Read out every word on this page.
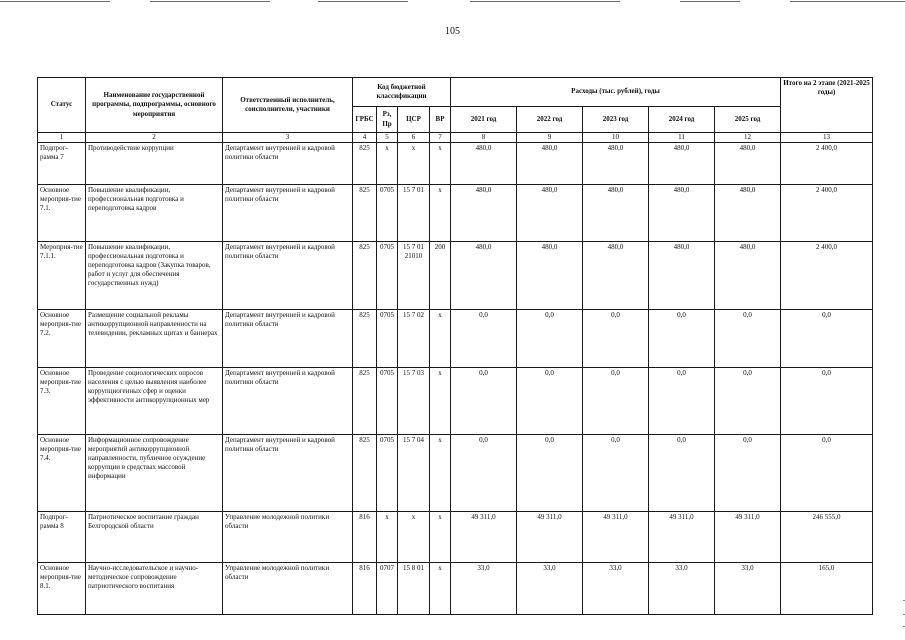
105
Статус	Наименование государственной программы, подпрограммы, основного мероприятия	Ответственный исполнитель, соисполнители, участники	Код бюджетной классификации				Расходы (тыс. рублей), годы					Итого на 2 этапе (2021-2025 годы)
			ГРБС	Рз, Пр	ЦСР	ВР	2021 год	2022 год	2023 год	2024 год	2025 год	
1	2	3	4	5	6	7	8	9	10	11	12	13
Подпрог-рамма 7	Противодействие коррупции	Департамент внутренней и кадровой политики области	825	х	х	х	480,0	480,0	480,0	480,0	480,0	2 400,0
Основное мероприя-тие 7.1.	Повышение квалификации, профессиональная подготовка и переподготовка кадров	Департамент внутренней и кадровой политики области	825	0705	15 7 01	х	480,0	480,0	480,0	480,0	480,0	2 400,0
Мероприя-тие 7.1.1.	Повышение квалификации, профессиональная подготовка и переподготовка кадров (Закупка товаров, работ и услуг для обеспечения государственных нужд)	Департамент внутренней и кадровой политики области	825	0705	15 7 01 21010	200	480,0	480,0	480,0	480,0	480,0	2 400,0
Основное мероприя-тие 7.2.	Размещение социальной рекламы антикоррупционной направленности на телевидении, рекламных щитах и баннерах	Департамент внутренней и кадровой политики области	825	0705	15 7 02	х	0,0	0,0	0,0	0,0	0,0	0,0
Основное мероприя-тие 7.3.	Проведение социологических опросов населения с целью выявления наиболее коррупциогенных сфер и оценки эффективности антикоррупционных мер	Департамент внутренней и кадровой политики области	825	0705	15 7 03	х	0,0	0,0	0,0	0,0	0,0	0,0
Основное мероприя-тие 7.4.	Информационное сопровождение мероприятий антикоррупционной направленности, публичное осуждение коррупции в средствах массовой информации	Департамент внутренней и кадровой политики области	825	0705	15 7 04	х	0,0	0,0	0,0	0,0	0,0	0,0
Подпрог-рамма 8	Патриотическое воспитание граждан Белгородской области	Управление молодежной политики области	816	х	х	х	49 311,0	49 311,0	49 311,0	49 311,0	49 311,0	246 555,0
Основное мероприя-тие 8.1.	Научно-исследовательское и научно-методическое сопровождение патриотического воспитания	Управление молодежной политики области	816	0707	15 8 01	х	33,0	33,0	33,0	33,0	33,0	165,0
